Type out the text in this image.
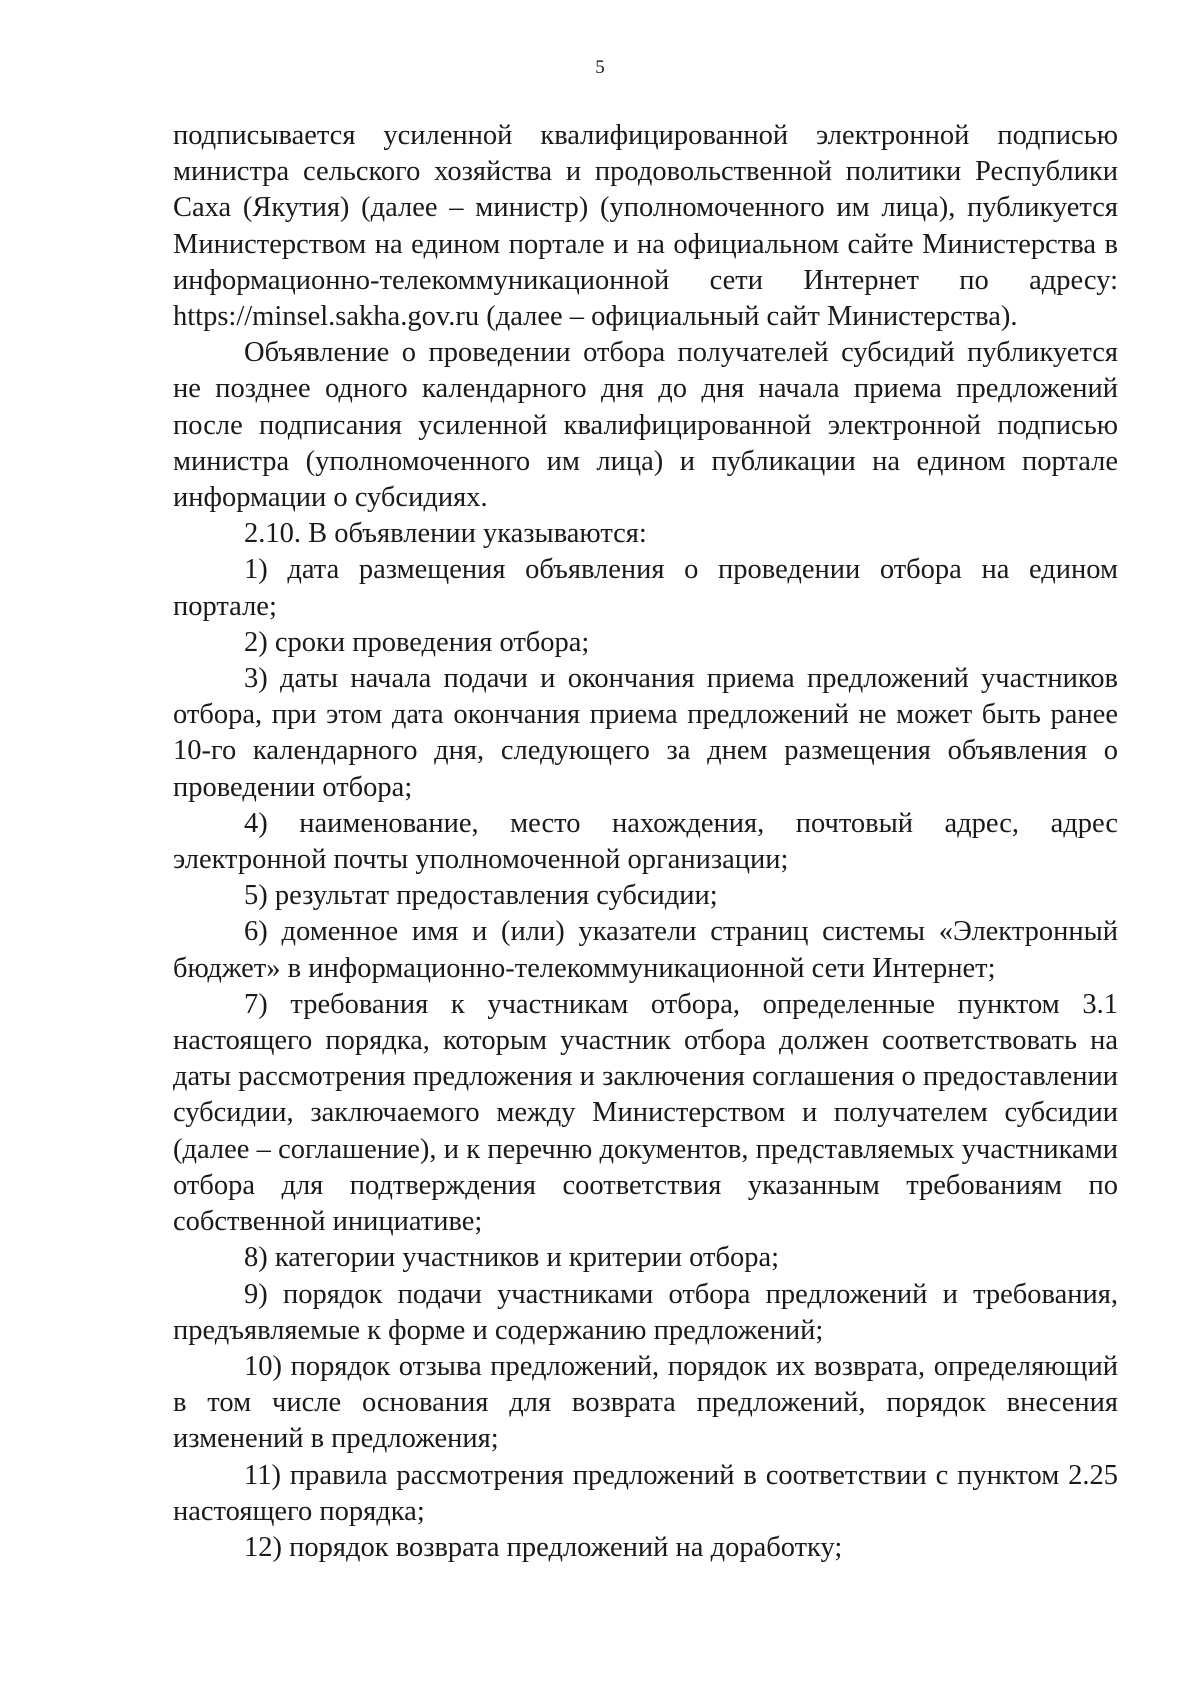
5

подписывается усиленной квалифицированной электронной подписью министра сельского хозяйства и продовольственной политики Республики Саха (Якутия) (далее – министр) (уполномоченного им лица), публикуется Министерством на едином портале и на официальном сайте Министерства в информационно-телекоммуникационной сети Интернет по адресу: https://minsel.sakha.gov.ru (далее – официальный сайт Министерства).

Объявление о проведении отбора получателей субсидий публикуется не позднее одного календарного дня до дня начала приема предложений после подписания усиленной квалифицированной электронной подписью министра (уполномоченного им лица) и публикации на едином портале информации о субсидиях.

2.10. В объявлении указываются:

1) дата размещения объявления о проведении отбора на едином портале;

2) сроки проведения отбора;

3) даты начала подачи и окончания приема предложений участников отбора, при этом дата окончания приема предложений не может быть ранее 10-го календарного дня, следующего за днем размещения объявления о проведении отбора;

4) наименование, место нахождения, почтовый адрес, адрес электронной почты уполномоченной организации;

5) результат предоставления субсидии;

6) доменное имя и (или) указатели страниц системы «Электронный бюджет» в информационно-телекоммуникационной сети Интернет;

7) требования к участникам отбора, определенные пунктом 3.1 настоящего порядка, которым участник отбора должен соответствовать на даты рассмотрения предложения и заключения соглашения о предоставлении субсидии, заключаемого между Министерством и получателем субсидии (далее – соглашение), и к перечню документов, представляемых участниками отбора для подтверждения соответствия указанным требованиям по собственной инициативе;

8) категории участников и критерии отбора;

9) порядок подачи участниками отбора предложений и требования, предъявляемые к форме и содержанию предложений;

10) порядок отзыва предложений, порядок их возврата, определяющий в том числе основания для возврата предложений, порядок внесения изменений в предложения;

11) правила рассмотрения предложений в соответствии с пунктом 2.25 настоящего порядка;

12) порядок возврата предложений на доработку;
